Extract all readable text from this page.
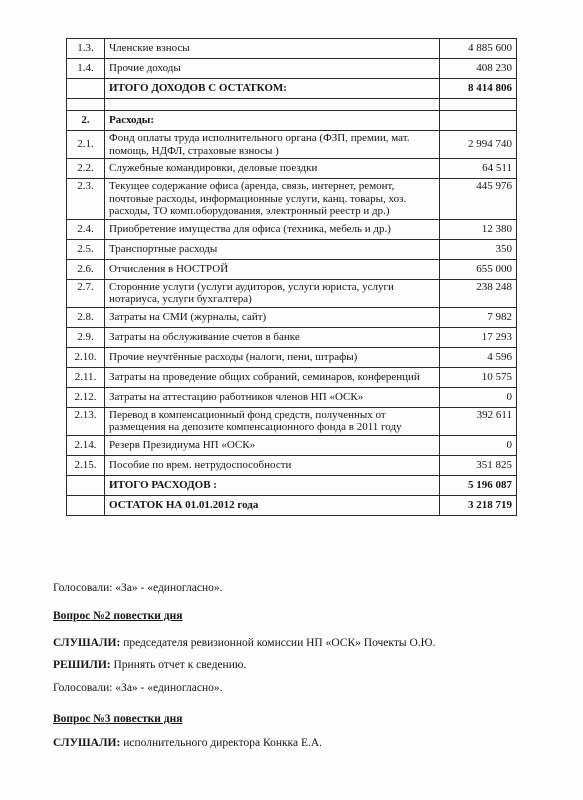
1.3.	Членские взносы	4 885 600
1.4.	Прочие доходы	408 230
	ИТОГО ДОХОДОВ С ОСТАТКОМ:	8 414 806

2.	Расходы:	
2.1.	Фонд оплаты труда исполнительного органа (ФЗП, премии, мат. помощь, НДФЛ, страховые взносы )	2 994 740
2.2.	Служебные командировки, деловые поездки	64 511
2.3.	Текущее содержание офиса (аренда, связь, интернет, ремонт, почтовые расходы, информационные услуги, канц. товары, хоз. расходы, ТО комп.оборудования, электронный реестр и др.)	445 976
2.4.	Приобретение имущества для офиса (техника, мебель и др.)	12 380
2.5.	Транспортные расходы	350
2.6.	Отчисления в НОСТРОЙ	655 000
2.7.	Сторонние услуги (услуги аудиторов, услуги юриста, услуги нотариуса, услуги бухгалтера)	238 248
2.8.	Затраты на СМИ (журналы, сайт)	7 982
2.9.	Затраты на обслуживание счетов в банке	17 293
2.10.	Прочие неучтённые расходы (налоги, пени, штрафы)	4 596
2.11.	Затраты на проведение общих собраний, семинаров, конференций	10 575
2.12.	Затраты на аттестацию работников членов НП «ОСК»	0
2.13.	Перевод в компенсационный фонд средств, полученных от размещения на депозите компенсационного фонда в 2011 году	392 611
2.14.	Резерв Президиума НП «ОСК»	0
2.15.	Пособие по врем. нетрудоспособности	351 825
	ИТОГО РАСХОДОВ :	5 196 087
	ОСТАТОК НА 01.01.2012 года	3 218 719
Голосовали: «За» - «единогласно».
Вопрос №2 повестки дня
СЛУШАЛИ: председателя ревизионной комиссии НП «ОСК» Почекты О.Ю.
РЕШИЛИ: Принять отчет к сведению.
Голосовали: «За» - «единогласно».
Вопрос №3 повестки дня
СЛУШАЛИ: исполнительного директора Конкка Е.А.
